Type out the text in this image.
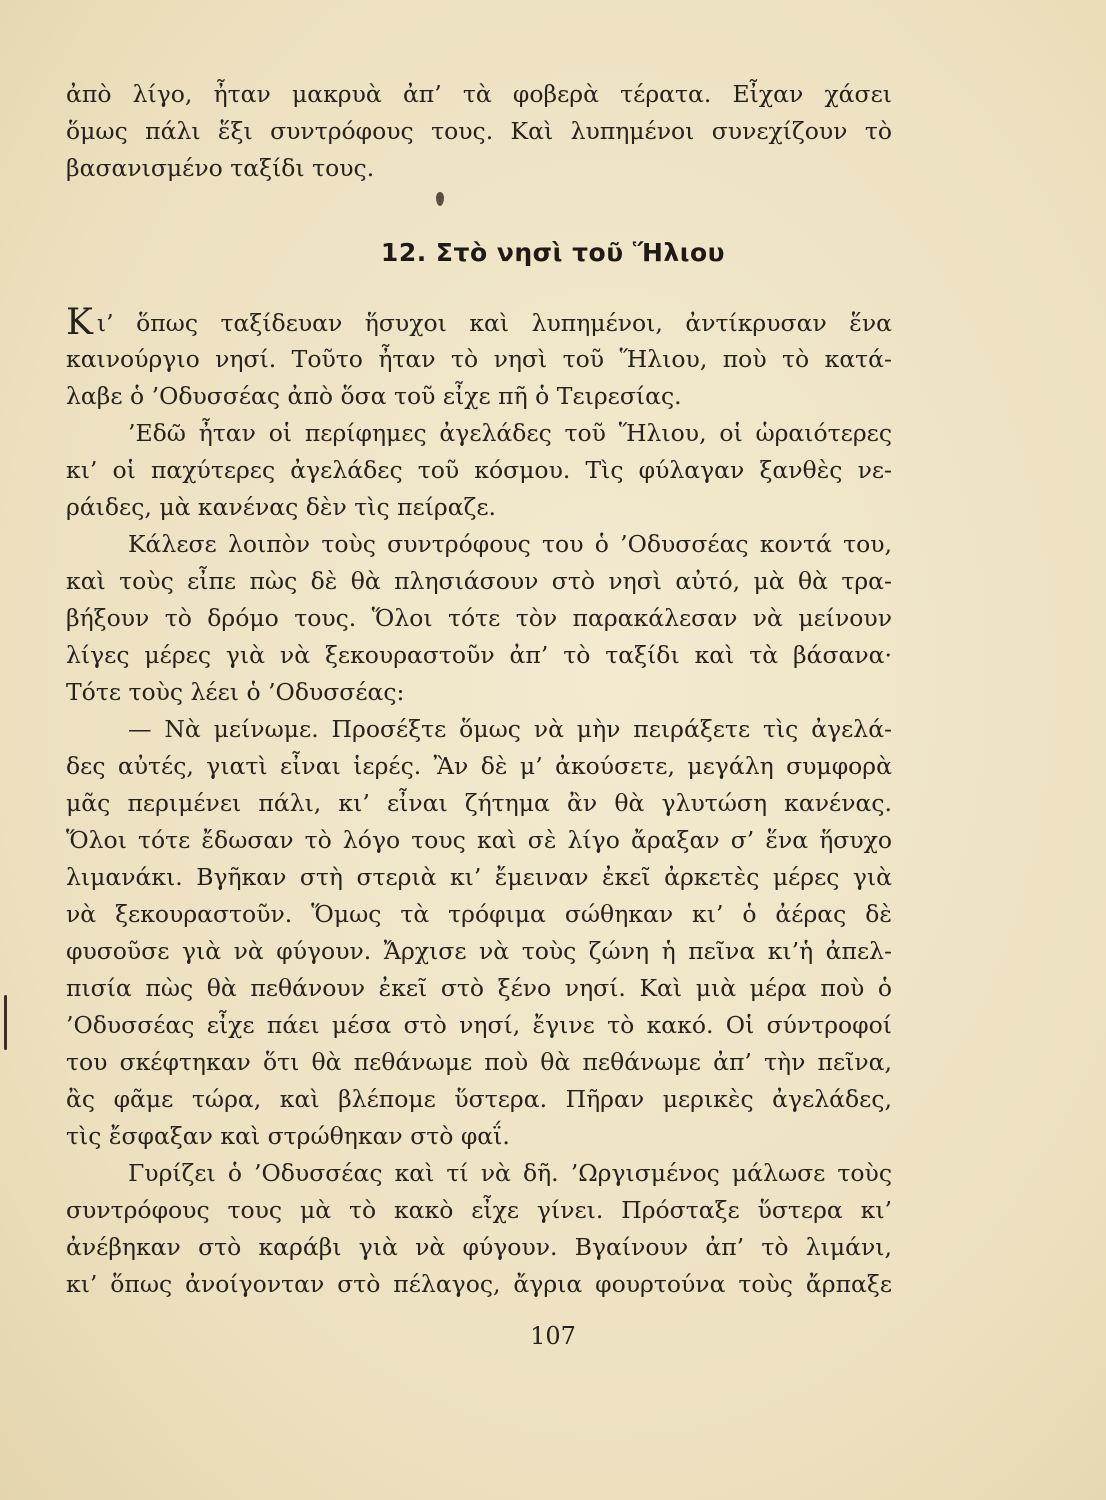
ἀπὸ λίγο, ἦταν μακρυὰ ἀπ’ τὰ φοβερὰ τέρατα. Εἶχαν χάσει
ὅμως πάλι ἕξι συντρόφους τους. Καὶ λυπημένοι συνεχίζουν τὸ
βασανισμένο ταξίδι τους.
12. Στὸ νησὶ τοῦ Ἥλιου
Κι’ ὅπως ταξίδευαν ἥσυχοι καὶ λυπημένοι, ἀντίκρυσαν ἕνα
καινούργιο νησί. Τοῦτο ἦταν τὸ νησὶ τοῦ Ἥλιου, ποὺ τὸ κατά-
λαβε ὁ ’Οδυσσέας ἀπὸ ὅσα τοῦ εἶχε πῆ ὁ Τειρεσίας.
’Εδῶ ἦταν οἱ περίφημες ἀγελάδες τοῦ Ἥλιου, οἱ ὡραιότερες
κι’ οἱ παχύτερες ἀγελάδες τοῦ κόσμου. Τὶς φύλαγαν ξανθὲς νε-
ράιδες, μὰ κανένας δὲν τὶς πείραζε.
Κάλεσε λοιπὸν τοὺς συντρόφους του ὁ ’Οδυσσέας κοντά του,
καὶ τοὺς εἶπε πὼς δὲ θὰ πλησιάσουν στὸ νησὶ αὐτό, μὰ θὰ τρα-
βήξουν τὸ δρόμο τους. Ὅλοι τότε τὸν παρακάλεσαν νὰ μείνουν
λίγες μέρες γιὰ νὰ ξεκουραστοῦν ἀπ’ τὸ ταξίδι καὶ τὰ βάσανα·
Τότε τοὺς λέει ὁ ’Οδυσσέας:
— Νὰ μείνωμε. Προσέξτε ὅμως νὰ μὴν πειράξετε τὶς ἀγελά-
δες αὐτές, γιατὶ εἶναι ἱερές. Ἂν δὲ μ’ ἀκούσετε, μεγάλη συμφορὰ
μᾶς περιμένει πάλι, κι’ εἶναι ζήτημα ἂν θὰ γλυτώση κανένας.
Ὅλοι τότε ἔδωσαν τὸ λόγο τους καὶ σὲ λίγο ἄραξαν σ’ ἕνα ἥσυχο
λιμανάκι. Βγῆκαν στὴ στεριὰ κι’ ἔμειναν ἐκεῖ ἀρκετὲς μέρες γιὰ
νὰ ξεκουραστοῦν. Ὅμως τὰ τρόφιμα σώθηκαν κι’ ὁ ἀέρας δὲ
φυσοῦσε γιὰ νὰ φύγουν. Ἄρχισε νὰ τοὺς ζώνη ἡ πεῖνα κι’ἡ ἀπελ-
πισία πὼς θὰ πεθάνουν ἐκεῖ στὸ ξένο νησί. Καὶ μιὰ μέρα ποὺ ὁ
’Οδυσσέας εἶχε πάει μέσα στὸ νησί, ἔγινε τὸ κακό. Οἱ σύντροφοί
του σκέφτηκαν ὅτι θὰ πεθάνωμε ποὺ θὰ πεθάνωμε ἀπ’ τὴν πεῖνα,
ἂς φᾶμε τώρα, καὶ βλέπομε ὕστερα. Πῆραν μερικὲς ἀγελάδες,
τὶς ἔσφαξαν καὶ στρώθηκαν στὸ φαΐ.
Γυρίζει ὁ ’Οδυσσέας καὶ τί νὰ δῆ. ’Ωργισμένος μάλωσε τοὺς
συντρόφους τους μὰ τὸ κακὸ εἶχε γίνει. Πρόσταξε ὕστερα κι’
ἀνέβηκαν στὸ καράβι γιὰ νὰ φύγουν. Βγαίνουν ἀπ’ τὸ λιμάνι,
κι’ ὅπως ἀνοίγονταν στὸ πέλαγος, ἄγρια φουρτούνα τοὺς ἄρπαξε
107
